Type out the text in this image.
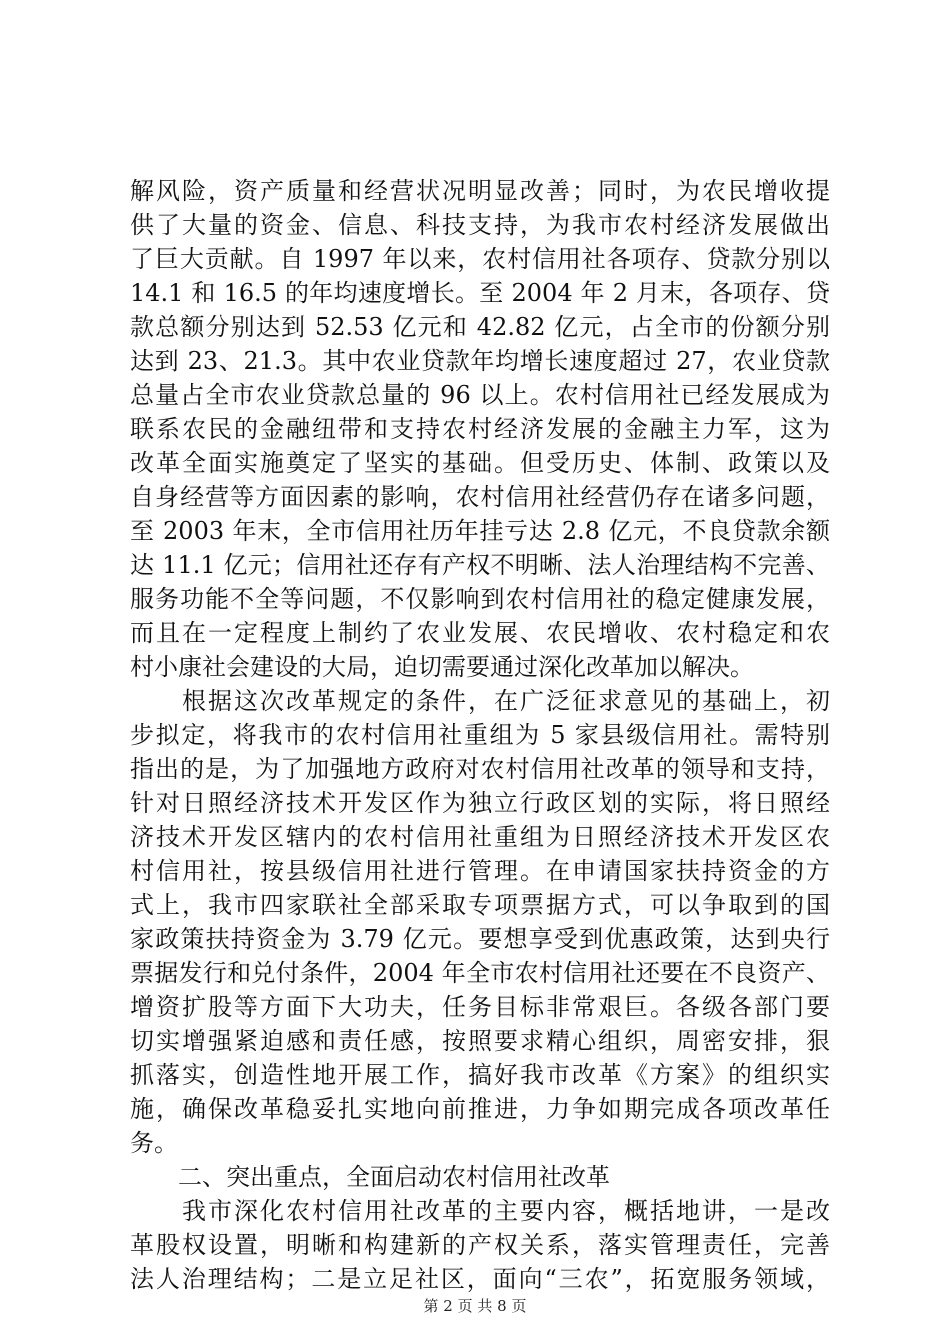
解风险，资产质量和经营状况明显改善；同时，为农民增收提
供了大量的资金、信息、科技支持，为我市农村经济发展做出
了巨大贡献。自 1997 年以来，农村信用社各项存、贷款分别以
14.1 和 16.5 的年均速度增长。至 2004 年 2 月末，各项存、贷
款总额分别达到 52.53 亿元和 42.82 亿元，占全市的份额分别
达到 23、21.3。其中农业贷款年均增长速度超过 27，农业贷款
总量占全市农业贷款总量的 96 以上。农村信用社已经发展成为
联系农民的金融纽带和支持农村经济发展的金融主力军，这为
改革全面实施奠定了坚实的基础。但受历史、体制、政策以及
自身经营等方面因素的影响，农村信用社经营仍存在诸多问题，
至 2003 年末，全市信用社历年挂亏达 2.8 亿元，不良贷款余额
达 11.1 亿元；信用社还存有产权不明晰、法人治理结构不完善、
服务功能不全等问题，不仅影响到农村信用社的稳定健康发展，
而且在一定程度上制约了农业发展、农民增收、农村稳定和农
村小康社会建设的大局，迫切需要通过深化改革加以解决。
　　根据这次改革规定的条件，在广泛征求意见的基础上，初
步拟定，将我市的农村信用社重组为 5 家县级信用社。需特别
指出的是，为了加强地方政府对农村信用社改革的领导和支持，
针对日照经济技术开发区作为独立行政区划的实际，将日照经
济技术开发区辖内的农村信用社重组为日照经济技术开发区农
村信用社，按县级信用社进行管理。在申请国家扶持资金的方
式上，我市四家联社全部采取专项票据方式，可以争取到的国
家政策扶持资金为 3.79 亿元。要想享受到优惠政策，达到央行
票据发行和兑付条件，2004 年全市农村信用社还要在不良资产、
增资扩股等方面下大功夫，任务目标非常艰巨。各级各部门要
切实增强紧迫感和责任感，按照要求精心组织，周密安排，狠
抓落实，创造性地开展工作，搞好我市改革《方案》的组织实
施，确保改革稳妥扎实地向前推进，力争如期完成各项改革任
务。
　　二、突出重点，全面启动农村信用社改革
　　我市深化农村信用社改革的主要内容，概括地讲，一是改
革股权设置，明晰和构建新的产权关系，落实管理责任，完善
法人治理结构；二是立足社区，面向“三农”，拓宽服务领域，
第 2 页 共 8 页
